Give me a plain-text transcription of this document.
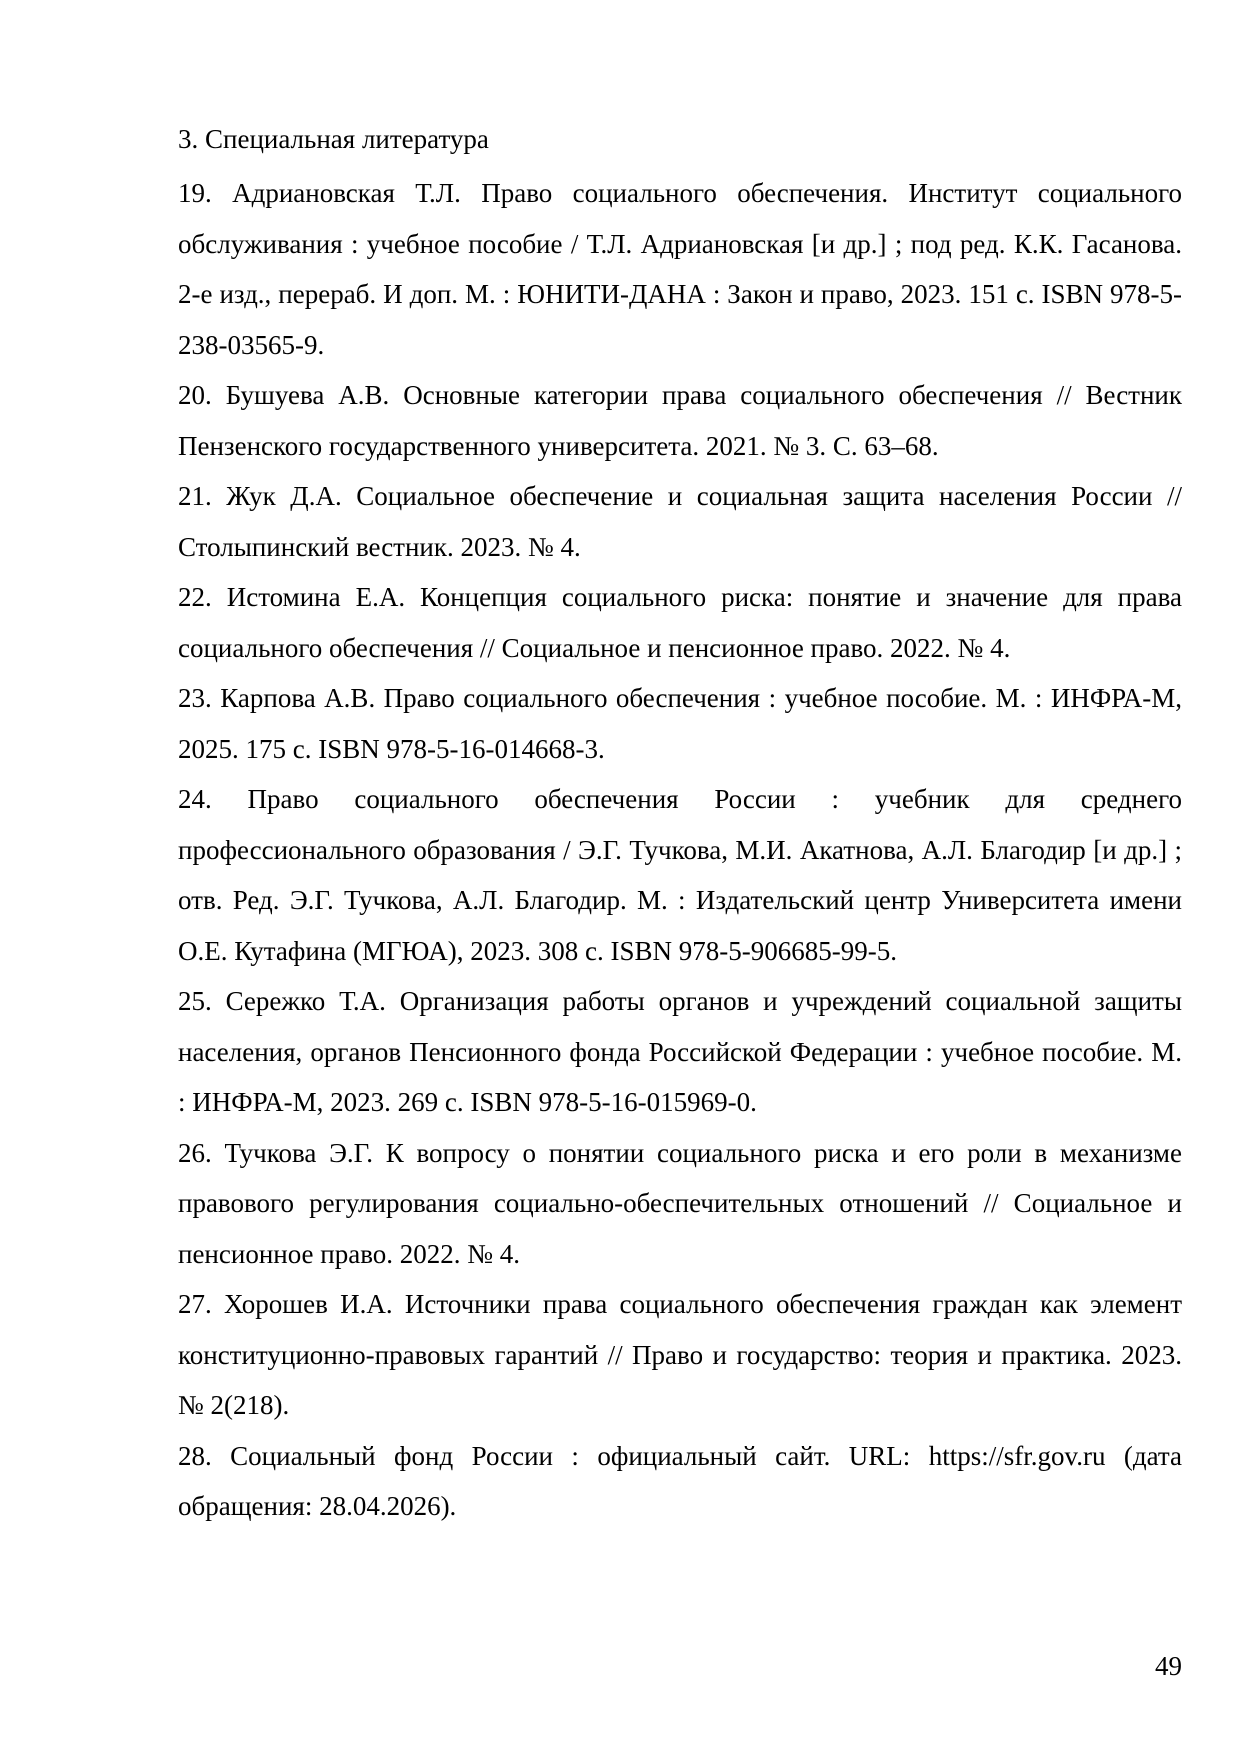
3. Специальная литература
19. Адриановская Т.Л. Право социального обеспечения. Институт социального обслуживания : учебное пособие / Т.Л. Адриановская [и др.] ; под ред. К.К. Гасанова. 2-е изд., перераб. И доп. М. : ЮНИТИ-ДАНА : Закон и право, 2023. 151 с. ISBN 978-5-238-03565-9.
20. Бушуева А.В. Основные категории права социального обеспечения // Вестник Пензенского государственного университета. 2021. № 3. С. 63–68.
21. Жук Д.А. Социальное обеспечение и социальная защита населения России // Столыпинский вестник. 2023. № 4.
22. Истомина Е.А. Концепция социального риска: понятие и значение для права социального обеспечения // Социальное и пенсионное право. 2022. № 4.
23. Карпова А.В. Право социального обеспечения : учебное пособие. М. : ИНФРА-М, 2025. 175 с. ISBN 978-5-16-014668-3.
24. Право социального обеспечения России : учебник для среднего профессионального образования / Э.Г. Тучкова, М.И. Акатнова, А.Л. Благодир [и др.] ; отв. Ред. Э.Г. Тучкова, А.Л. Благодир. М. : Издательский центр Университета имени О.Е. Кутафина (МГЮА), 2023. 308 с. ISBN 978-5-906685-99-5.
25. Сережко Т.А. Организация работы органов и учреждений социальной защиты населения, органов Пенсионного фонда Российской Федерации : учебное пособие. М. : ИНФРА-М, 2023. 269 с. ISBN 978-5-16-015969-0.
26. Тучкова Э.Г. К вопросу о понятии социального риска и его роли в механизме правового регулирования социально-обеспечительных отношений // Социальное и пенсионное право. 2022. № 4.
27. Хорошев И.А. Источники права социального обеспечения граждан как элемент конституционно-правовых гарантий // Право и государство: теория и практика. 2023. № 2(218).
28. Социальный фонд России : официальный сайт. URL: https://sfr.gov.ru (дата обращения: 28.04.2026).
49
